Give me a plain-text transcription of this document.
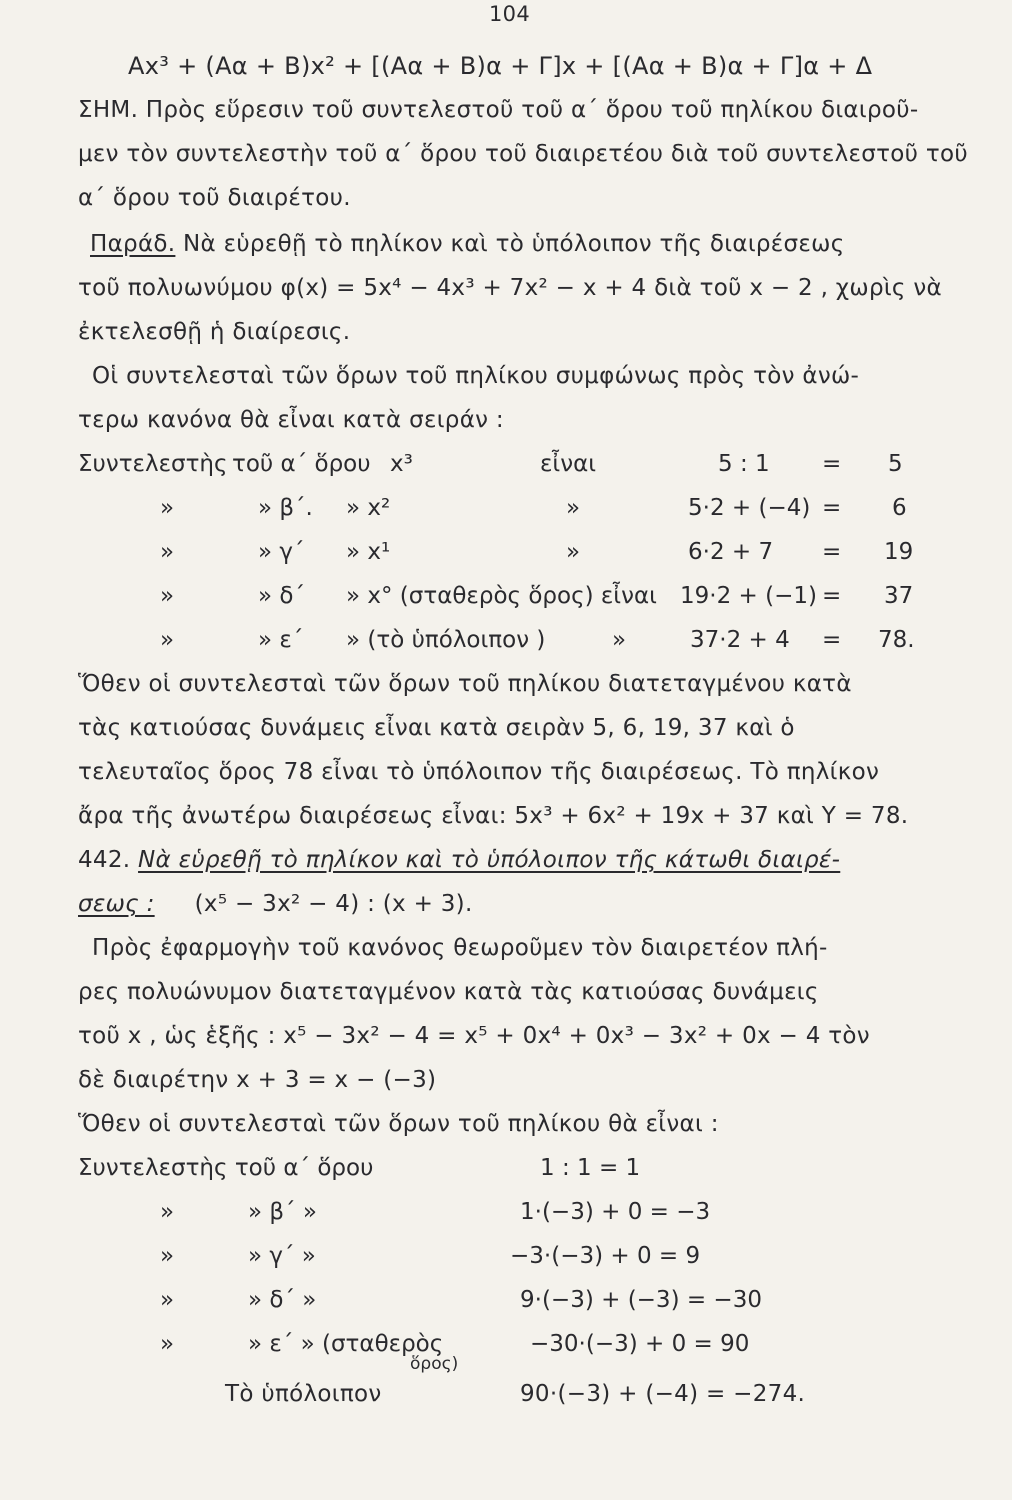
104
Ax³ + (Aα + B)x² + [(Aα + B)α + Γ]x + [(Aα + B)α + Γ]α + Δ
ΣΗΜ. Πρὸς εὕρεσιν τοῦ συντελεστοῦ τοῦ α΄ ὅρου τοῦ πηλίκου διαιροῦ-
μεν τὸν συντελεστὴν τοῦ α΄ ὅρου τοῦ διαιρετέου διὰ τοῦ συντελεστοῦ τοῦ
α΄ ὅρου τοῦ διαιρέτου.
Παράδ. Νὰ εὑρεθῇ τὸ πηλίκον καὶ τὸ ὑπόλοιπον τῆς διαιρέσεως
τοῦ πολυωνύμου φ(x) = 5x⁴ − 4x³ + 7x² − x + 4 διὰ τοῦ x − 2 , χωρὶς νὰ
ἐκτελεσθῇ ἡ διαίρεσις.
Οἱ συντελεσταὶ τῶν ὅρων τοῦ πηλίκου συμφώνως πρὸς τὸν ἀνώ-
τερω κανόνα θὰ εἶναι κατὰ σειράν :
Συντελεστὴς τοῦ α΄ ὅρου x³	εἶναι	5 : 1 = 5
»	» β΄. » x²	»	5·2 + (−4) = 6
»	» γ΄ » x¹	»	6·2 + 7 = 19
»	» δ΄ » x° (σταθερὸς ὅρος) εἶναι 19·2 + (−1) = 37
»	» ε΄ » (τὸ ὑπόλοιπον )	»	37·2 + 4 = 78.
Ὅθεν οἱ συντελεσταὶ τῶν ὅρων τοῦ πηλίκου διατεταγμένου κατὰ
τὰς κατιούσας δυνάμεις εἶναι κατὰ σειρὰν 5, 6, 19, 37 καὶ ὁ
τελευταῖος ὅρος 78 εἶναι τὸ ὑπόλοιπον τῆς διαιρέσεως. Τὸ πηλίκον
ἄρα τῆς ἀνωτέρω διαιρέσεως εἶναι: 5x³ + 6x² + 19x + 37 καὶ Υ = 78.
442. Νὰ εὑρεθῇ τὸ πηλίκον καὶ τὸ ὑπόλοιπον τῆς κάτωθι διαιρέ-
σεως : (x⁵ − 3x² − 4) : (x + 3).
Πρὸς ἐφαρμογὴν τοῦ κανόνος θεωροῦμεν τὸν διαιρετέον πλή-
ρες πολυώνυμον διατεταγμένον κατὰ τὰς κατιούσας δυνάμεις
τοῦ x , ὡς ἑξῆς : x⁵ − 3x² − 4 = x⁵ + 0x⁴ + 0x³ − 3x² + 0x − 4 τὸν
δὲ διαιρέτην x + 3 = x − (−3)
Ὅθεν οἱ συντελεσταὶ τῶν ὅρων τοῦ πηλίκου θὰ εἶναι :
Συντελεστὴς τοῦ α΄ ὅρου	1 : 1 = 1
»	» β΄ »	1·(−3) + 0 = −3
»	» γ΄ »	−3·(−3) + 0 = 9
»	» δ΄ »	9·(−3) + (−3) = −30
»	» ε΄ » (σταθερὸς	−30·(−3) + 0 = 90
ὅρος)
Τὸ ὑπόλοιπον	90·(−3) + (−4) = −274.
